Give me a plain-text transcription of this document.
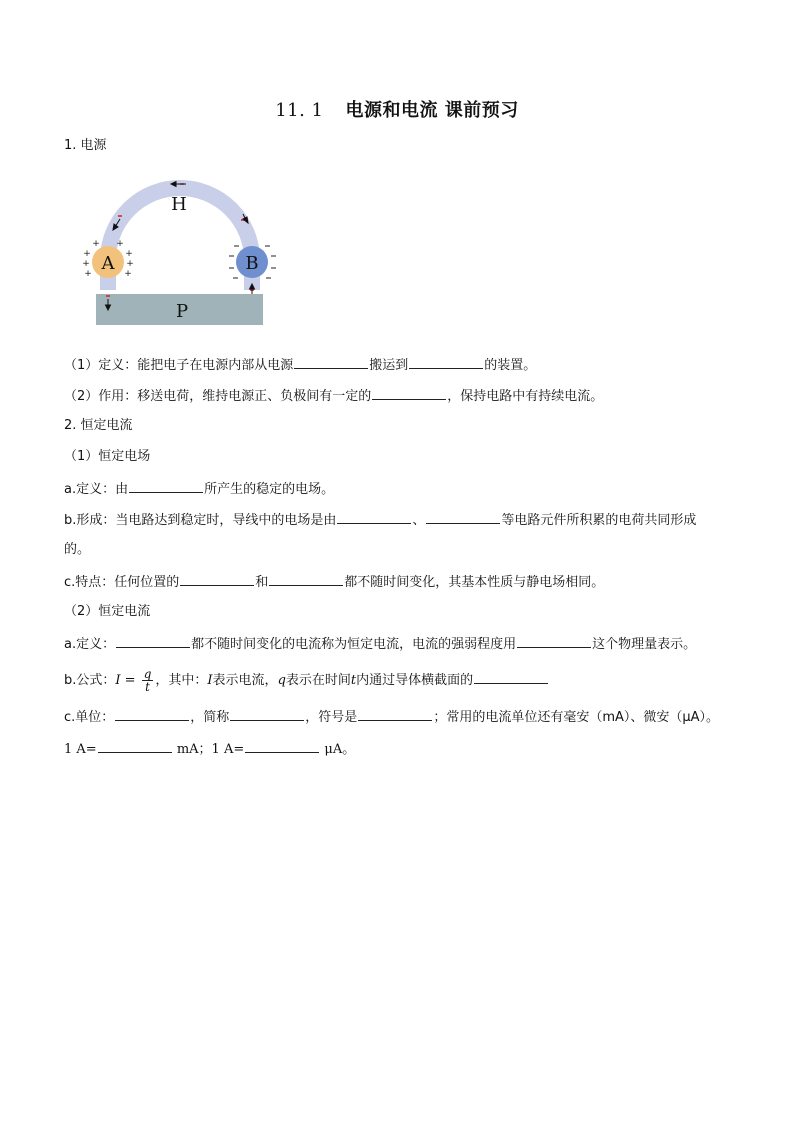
11. 1 电源和电流 课前预习
1. 电源
P
H
A
+ +
+	+
+	+
+	+	B
（1）定义：能把电子在电源内部从电源	搬运到	的装置。
（2）作用：移送电荷，维持电源正、负极间有一定的	，保持电路中有持续电流。
2. 恒定电流
（1）恒定电场
a.定义：由	所产生的稳定的电场。
b.形成：当电路达到稳定时，导线中的电场是由	、	等电路元件所积累的电荷共同形成
的。
c.特点：任何位置的	和	都不随时间变化，其基本性质与静电场相同。
（2）恒定电流
a.定义：	都不随时间变化的电流称为恒定电流，电流的强弱程度用	这个物理量表示。
b.公式：$I = \frac{q}{t}$ ，其中：I表示电流，q表示在时间t内通过导体横截面的
c.单位：	，简称	，符号是	；常用的电流单位还有毫安（mA）、微安（μA）。
1 A=	mA；1 A=	μA。
